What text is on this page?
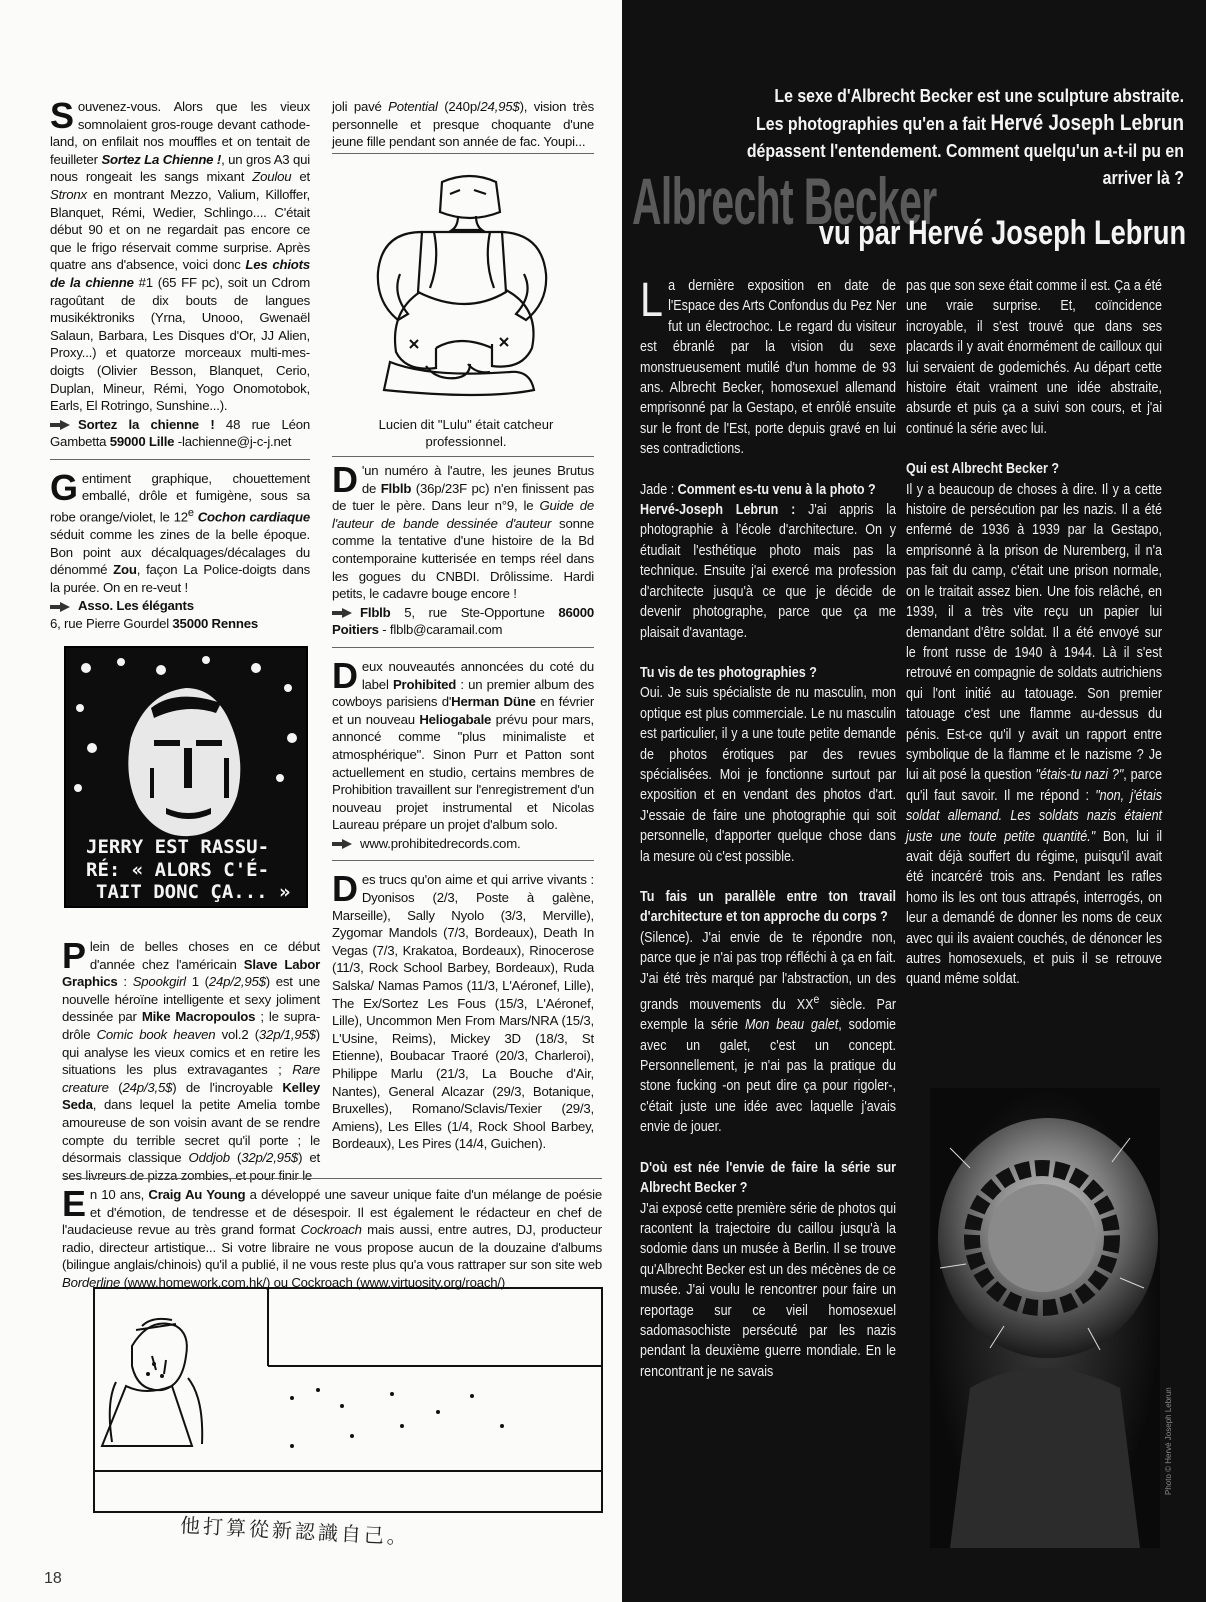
Souvenez-vous. Alors que les vieux somnolaient gros-rouge devant cathode-land, on enfilait nos mouffles et on tentait de feuilleter Sortez La Chienne !, un gros A3 qui nous rongeait les sangs mixant Zoulou et Stronx en montrant Mezzo, Valium, Killoffer, Blanquet, Rémi, Wedier, Schlingo.... C'était début 90 et on ne regardait pas encore ce que le frigo réservait comme surprise. Après quatre ans d'absence, voici donc Les chiots de la chienne #1 (65 FF pc), soit un Cdrom ragoûtant de dix bouts de langues musikéktroniks (Yrna, Unooo, Gwenaël Salaun, Barbara, Les Disques d'Or, JJ Alien, Proxy...) et quatorze morceaux multi-mes-doigts (Olivier Besson, Blanquet, Cerio, Duplan, Mineur, Rémi, Yogo Onomotobok, Earls, El Rotringo, Sunshine...).
Sortez la chienne ! 48 rue Léon Gambetta 59000 Lille -lachienne@j-c-j.net
Gentiment graphique, chouettement emballé, drôle et fumigène, sous sa robe orange/violet, le 12e Cochon cardiaque séduit comme les zines de la belle époque. Bon point aux décalquages/décalages du dénommé Zou, façon La Police-doigts dans la purée. On en re-veut !
Asso. Les élégants
6, rue Pierre Gourdel 35000 Rennes
JERRY EST RASSU-
RÉ: « ALORS C'É-
TAIT DONC ÇA... »
Plein de belles choses en ce début d'année chez l'américain Slave Labor Graphics : Spookgirl 1 (24p/2,95$) est une nouvelle héroïne intelligente et sexy joliment dessinée par Mike Macropoulos ; le supra-drôle Comic book heaven vol.2 (32p/1,95$) qui analyse les vieux comics et en retire les situations les plus extravagantes ; Rare creature (24p/3,5$) de l'incroyable Kelley Seda, dans lequel la petite Amelia tombe amoureuse de son voisin avant de se rendre compte du terrible secret qu'il porte ; le désormais classique Oddjob (32p/2,95$) et ses livreurs de pizza zombies, et pour finir le
joli pavé Potential (240p/24,95$), vision très personnelle et presque choquante d'une jeune fille pendant son année de fac. Youpi...
Lucien dit "Lulu" était catcheur professionnel.
D 'un numéro à l'autre, les jeunes Brutus de Flblb (36p/23F pc) n'en finissent pas de tuer le père. Dans leur n°9, le Guide de l'auteur de bande dessinée d'auteur sonne comme la tentative d'une histoire de la Bd contemporaine kutterisée en temps réel dans les gogues du CNBDI. Drôlissime. Hardi petits, le cadavre bouge encore !
Flblb 5, rue Ste-Opportune 86000 Poitiers - flblb@caramail.com
Deux nouveautés annoncées du coté du label Prohibited : un premier album des cowboys parisiens d'Herman Düne en février et un nouveau Heliogabale prévu pour mars, annoncé comme "plus minimaliste et atmosphérique". Sinon Purr et Patton sont actuellement en studio, certains membres de Prohibition travaillent sur l'enregistrement d'un nouveau projet instrumental et Nicolas Laureau prépare un projet d'album solo.
www.prohibitedrecords.com.
Des trucs qu'on aime et qui arrive vivants : Dyonisos (2/3, Poste à galène, Marseille), Sally Nyolo (3/3, Merville), Zygomar Mandols (7/3, Bordeaux), Death In Vegas (7/3, Krakatoa, Bordeaux), Rinocerose (11/3, Rock School Barbey, Bordeaux), Ruda Salska/ Namas Pamos (11/3, L'Aéronef, Lille), The Ex/Sortez Les Fous (15/3, L'Aéronef, Lille), Uncommon Men From Mars/NRA (15/3, L'Usine, Reims), Mickey 3D (18/3, St Etienne), Boubacar Traoré (20/3, Charleroi), Philippe Marlu (21/3, La Bouche d'Air, Nantes), General Alcazar (29/3, Botanique, Bruxelles), Romano/Sclavis/Texier (29/3, Amiens), Les Elles (1/4, Rock Shool Barbey, Bordeaux), Les Pires (14/4, Guichen).
En 10 ans, Craig Au Young a développé une saveur unique faite d'un mélange de poésie et d'émotion, de tendresse et de désespoir. Il est également le rédacteur en chef de l'audacieuse revue au très grand format Cockroach mais aussi, entre autres, DJ, producteur radio, directeur artistique... Si votre libraire ne vous propose aucun de la douzaine d'albums (bilingue anglais/chinois) qu'il a publié, il ne vous reste plus qu'a vous rattraper sur son site web Borderline (www.homework.com.hk/) ou Cockroach (www.virtuosity.org/roach/)
他打算從新認識自己。
18

Le sexe d'Albrecht Becker est une sculpture abstraite.

Les photographies qu'en a fait Hervé Joseph Lebrun

dépassent l'entendement. Comment quelqu'un a-t-il pu en

arriver là ?

Albrecht Becker
vu par Hervé Joseph Lebrun

La dernière exposition en date de l'Espace des Arts Confondus du Pez Ner fut un électrochoc. Le regard du visiteur est ébranlé par la vision du sexe monstrueusement mutilé d'un homme de 93 ans. Albrecht Becker, homosexuel allemand emprisonné par la Gestapo, et enrôlé ensuite sur le front de l'Est, porte depuis gravé en lui ses contradictions.

Jade : Comment es-tu venu à la photo ?

Hervé-Joseph Lebrun : J'ai appris la photographie à l'école d'architecture. On y étudiait l'esthétique photo mais pas la technique. Ensuite j'ai exercé ma profession d'architecte jusqu'à ce que je décide de devenir photographe, parce que ça me plaisait d'avantage.

Tu vis de tes photographies ?

Oui. Je suis spécialiste de nu masculin, mon optique est plus commerciale. Le nu masculin est particulier, il y a une toute petite demande de photos érotiques par des revues spécialisées. Moi je fonctionne surtout par exposition et en vendant des photos d'art. J'essaie de faire une photographie qui soit personnelle, d'apporter quelque chose dans la mesure où c'est possible.

Tu fais un parallèle entre ton travail d'architecture et ton approche du corps ?

(Silence). J'ai envie de te répondre non, parce que je n'ai pas trop réfléchi à ça en fait. J'ai été très marqué par l'abstraction, un des grands mouvements du XXe siècle. Par exemple la série Mon beau galet, sodomie avec un galet, c'est un concept. Personnellement, je n'ai pas la pratique du stone fucking -on peut dire ça pour rigoler-, c'était juste une idée avec laquelle j'avais envie de jouer.

D'où est née l'envie de faire la série sur Albrecht Becker ?

J'ai exposé cette première série de photos qui racontent la trajectoire du caillou jusqu'à la sodomie dans un musée à Berlin. Il se trouve qu'Albrecht Becker est un des mécènes de ce musée. J'ai voulu le rencontrer pour faire un reportage sur ce vieil homosexuel sadomasochiste persécuté par les nazis pendant la deuxième guerre mondiale. En le rencontrant je ne savais

pas que son sexe était comme il est. Ça a été une vraie surprise. Et, coïncidence incroyable, il s'est trouvé que dans ses placards il y avait énormément de cailloux qui lui servaient de godemichés. Au départ cette histoire était vraiment une idée abstraite, absurde et puis ça a suivi son cours, et j'ai continué la série avec lui.

Qui est Albrecht Becker ?

Il y a beaucoup de choses à dire. Il y a cette histoire de persécution par les nazis. Il a été enfermé de 1936 à 1939 par la Gestapo, emprisonné à la prison de Nuremberg, il n'a pas fait du camp, c'était une prison normale, on le traitait assez bien. Une fois relâché, en 1939, il a très vite reçu un papier lui demandant d'être soldat. Il a été envoyé sur le front russe de 1940 à 1944. Là il s'est retrouvé en compagnie de soldats autrichiens qui l'ont initié au tatouage. Son premier tatouage c'est une flamme au-dessus du pénis. Est-ce qu'il y avait un rapport entre symbolique de la flamme et le nazisme ? Je lui ait posé la question "étais-tu nazi ?", parce qu'il faut savoir. Il me répond : "non, j'étais soldat allemand. Les soldats nazis étaient juste une toute petite quantité." Bon, lui il avait déjà souffert du régime, puisqu'il avait été incarcéré trois ans. Pendant les rafles homo ils les ont tous attrapés, interrogés, on leur a demandé de donner les noms de ceux avec qui ils avaient couchés, de dénoncer les autres homosexuels, et puis il se retrouve quand même soldat.

Photo © Hervé Joseph Lebrun
